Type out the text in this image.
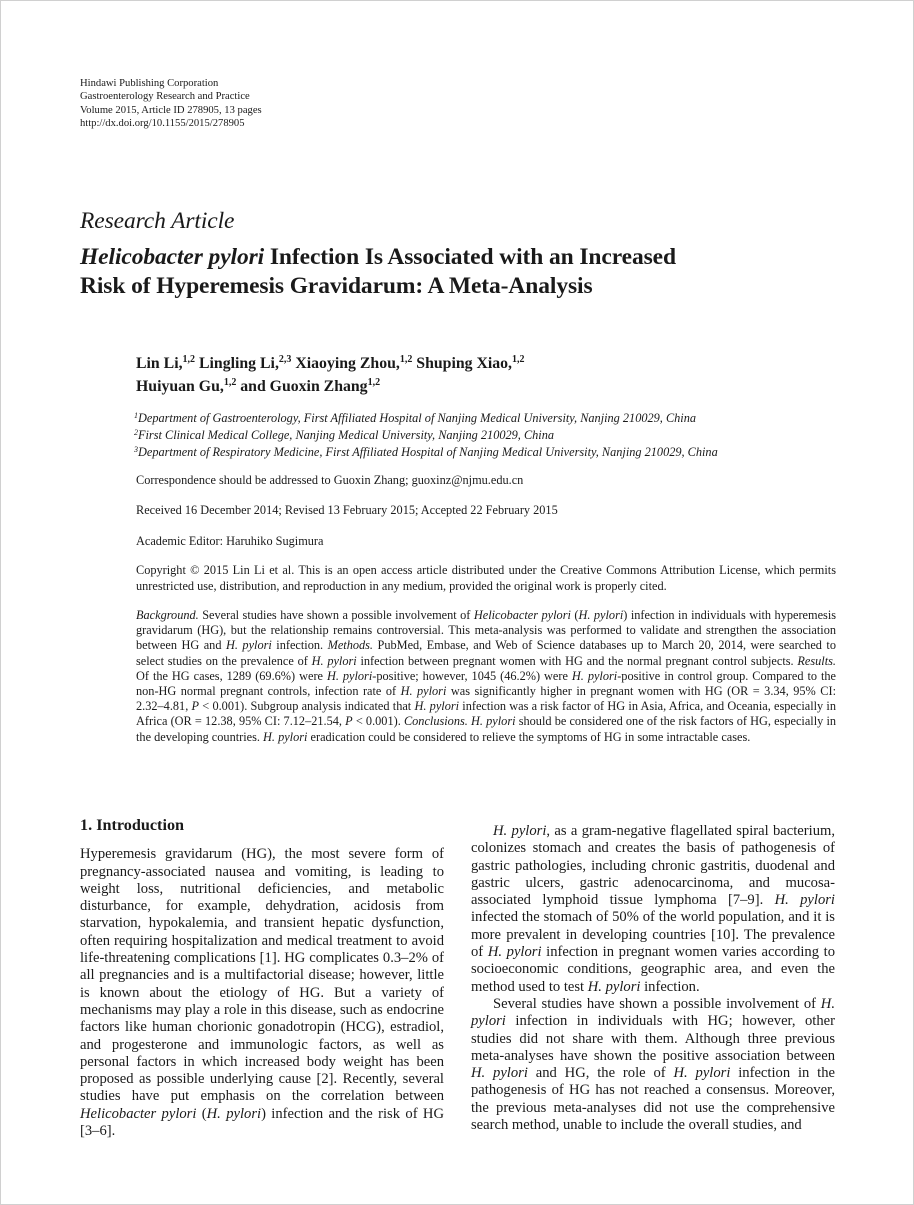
Hindawi Publishing Corporation
Gastroenterology Research and Practice
Volume 2015, Article ID 278905, 13 pages
http://dx.doi.org/10.1155/2015/278905
Research Article
Helicobacter pylori Infection Is Associated with an Increased
Risk of Hyperemesis Gravidarum: A Meta-Analysis
Lin Li,$^{1,2}$ Lingling Li,$^{2,3}$ Xiaoying Zhou,$^{1,2}$ Shuping Xiao,$^{1,2}$
Huiyuan Gu,$^{1,2}$ and Guoxin Zhang$^{1,2}$
$^1$Department of Gastroenterology, First Affiliated Hospital of Nanjing Medical University, Nanjing 210029, China
$^2$First Clinical Medical College, Nanjing Medical University, Nanjing 210029, China
$^3$Department of Respiratory Medicine, First Affiliated Hospital of Nanjing Medical University, Nanjing 210029, China
Correspondence should be addressed to Guoxin Zhang; guoxinz@njmu.edu.cn
Received 16 December 2014; Revised 13 February 2015; Accepted 22 February 2015
Academic Editor: Haruhiko Sugimura
Copyright © 2015 Lin Li et al. This is an open access article distributed under the Creative Commons Attribution License, which permits unrestricted use, distribution, and reproduction in any medium, provided the original work is properly cited.
Background. Several studies have shown a possible involvement of Helicobacter pylori (H. pylori) infection in individuals with hyperemesis gravidarum (HG), but the relationship remains controversial. This meta-analysis was performed to validate and strengthen the association between HG and H. pylori infection. Methods. PubMed, Embase, and Web of Science databases up to March 20, 2014, were searched to select studies on the prevalence of H. pylori infection between pregnant women with HG and the normal pregnant control subjects. Results. Of the HG cases, 1289 (69.6%) were H. pylori-positive; however, 1045 (46.2%) were H. pylori-positive in control group. Compared to the non-HG normal pregnant controls, infection rate of H. pylori was significantly higher in pregnant women with HG (OR = 3.34, 95% CI: 2.32–4.81, P < 0.001). Subgroup analysis indicated that H. pylori infection was a risk factor of HG in Asia, Africa, and Oceania, especially in Africa (OR = 12.38, 95% CI: 7.12–21.54, P < 0.001). Conclusions. H. pylori should be considered one of the risk factors of HG, especially in the developing countries. H. pylori eradication could be considered to relieve the symptoms of HG in some intractable cases.
1. Introduction

Hyperemesis gravidarum (HG), the most severe form of pregnancy-associated nausea and vomiting, is leading to weight loss, nutritional deficiencies, and metabolic disturbance, for example, dehydration, acidosis from starvation, hypokalemia, and transient hepatic dysfunction, often requiring hospitalization and medical treatment to avoid life-threatening complications [1]. HG complicates 0.3–2% of all pregnancies and is a multifactorial disease; however, little is known about the etiology of HG. But a variety of mechanisms may play a role in this disease, such as endocrine factors like human chorionic gonadotropin (HCG), estradiol, and progesterone and immunologic factors, as well as personal factors in which increased body weight has been proposed as possible underlying cause [2]. Recently, several studies have put emphasis on the correlation between Helicobacter pylori (H. pylori) infection and the risk of HG [3–6].

H. pylori, as a gram-negative flagellated spiral bacterium, colonizes stomach and creates the basis of pathogenesis of gastric pathologies, including chronic gastritis, duodenal and gastric ulcers, gastric adenocarcinoma, and mucosa-associated lymphoid tissue lymphoma [7–9]. H. pylori infected the stomach of 50% of the world population, and it is more prevalent in developing countries [10]. The prevalence of H. pylori infection in pregnant women varies according to socioeconomic conditions, geographic area, and even the method used to test H. pylori infection.

Several studies have shown a possible involvement of H. pylori infection in individuals with HG; however, other studies did not share with them. Although three previous meta-analyses have shown the positive association between H. pylori and HG, the role of H. pylori infection in the pathogenesis of HG has not reached a consensus. Moreover, the previous meta-analyses did not use the comprehensive search method, unable to include the overall studies, and
